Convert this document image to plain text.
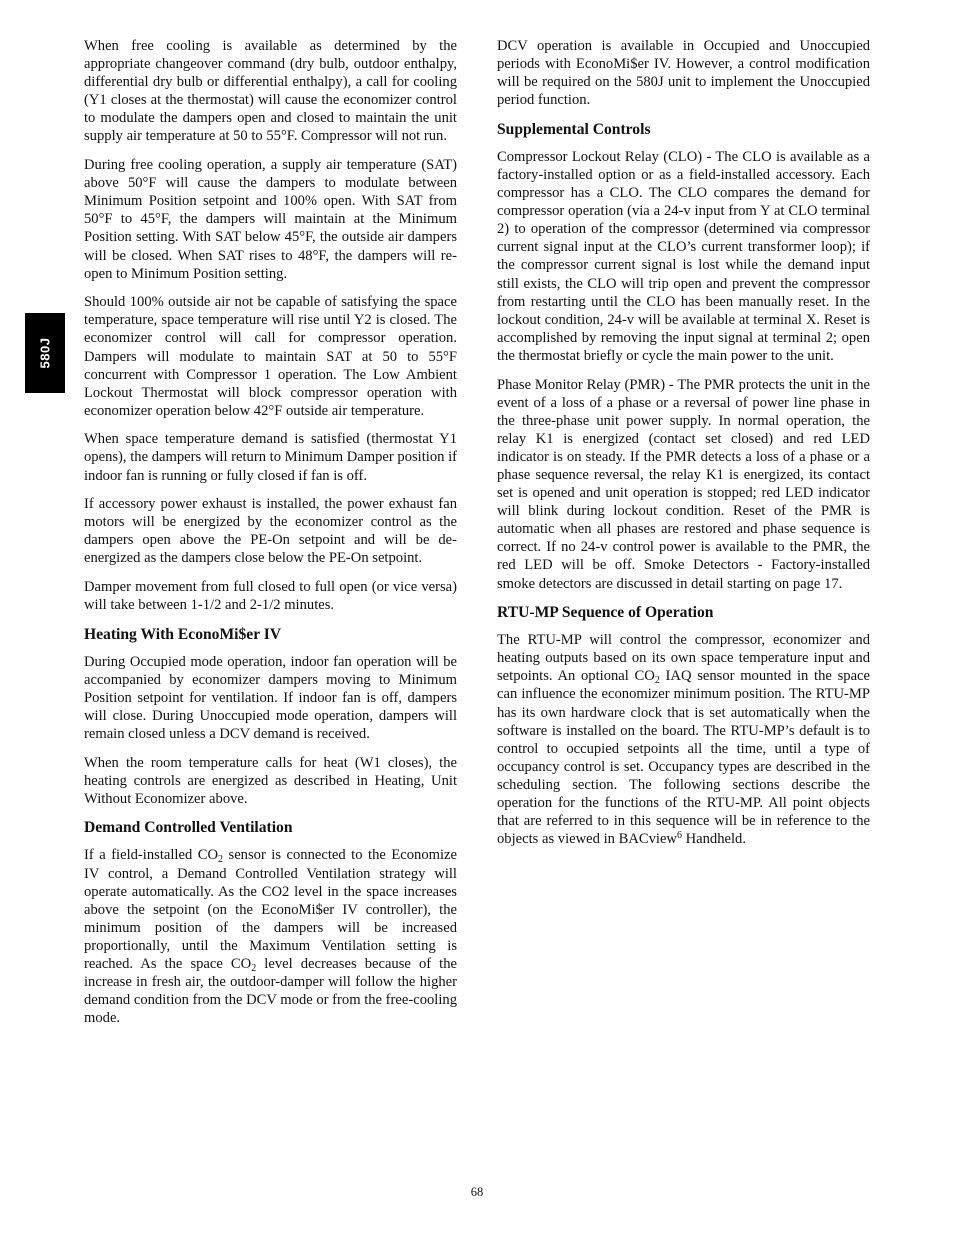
580J

When free cooling is available as determined by the appropriate changeover command (dry bulb, outdoor enthalpy, differential dry bulb or differential enthalpy), a call for cooling (Y1 closes at the thermostat) will cause the economizer control to modulate the dampers open and closed to maintain the unit supply air temperature at 50 to 55°F. Compressor will not run.

During free cooling operation, a supply air temperature (SAT) above 50°F will cause the dampers to modulate between Minimum Position setpoint and 100% open. With SAT from 50°F to 45°F, the dampers will maintain at the Minimum Position setting. With SAT below 45°F, the outside air dampers will be closed. When SAT rises to 48°F, the dampers will re-open to Minimum Position setting.

Should 100% outside air not be capable of satisfying the space temperature, space temperature will rise until Y2 is closed. The economizer control will call for compressor operation. Dampers will modulate to maintain SAT at 50 to 55°F concurrent with Compressor 1 operation. The Low Ambient Lockout Thermostat will block compressor operation with economizer operation below 42°F outside air temperature.

When space temperature demand is satisfied (thermostat Y1 opens), the dampers will return to Minimum Damper position if indoor fan is running or fully closed if fan is off.

If accessory power exhaust is installed, the power exhaust fan motors will be energized by the economizer control as the dampers open above the PE-On setpoint and will be de-energized as the dampers close below the PE-On setpoint.

Damper movement from full closed to full open (or vice versa) will take between 1-1/2 and 2-1/2 minutes.

Heating With EconoMi$er IV

During Occupied mode operation, indoor fan operation will be accompanied by economizer dampers moving to Minimum Position setpoint for ventilation. If indoor fan is off, dampers will close. During Unoccupied mode operation, dampers will remain closed unless a DCV demand is received.

When the room temperature calls for heat (W1 closes), the heating controls are energized as described in Heating, Unit Without Economizer above.

Demand Controlled Ventilation

If a field-installed $CO_2$ sensor is connected to the Economize IV control, a Demand Controlled Ventilation strategy will operate automatically. As the CO2 level in the space increases above the setpoint (on the EconoMi$er IV controller), the minimum position of the dampers will be increased proportionally, until the Maximum Ventilation setting is reached. As the space $CO_2$ level decreases because of the increase in fresh air, the outdoor-damper will follow the higher demand condition from the DCV mode or from the free-cooling mode.

DCV operation is available in Occupied and Unoccupied periods with EconoMi$er IV. However, a control modification will be required on the 580J unit to implement the Unoccupied period function.

Supplemental Controls

Compressor Lockout Relay (CLO) - The CLO is available as a factory-installed option or as a field-installed accessory. Each compressor has a CLO. The CLO compares the demand for compressor operation (via a 24-v input from Y at CLO terminal 2) to operation of the compressor (determined via compressor current signal input at the CLO’s current transformer loop); if the compressor current signal is lost while the demand input still exists, the CLO will trip open and prevent the compressor from restarting until the CLO has been manually reset. In the lockout condition, 24-v will be available at terminal X. Reset is accomplished by removing the input signal at terminal 2; open the thermostat briefly or cycle the main power to the unit.

Phase Monitor Relay (PMR) - The PMR protects the unit in the event of a loss of a phase or a reversal of power line phase in the three-phase unit power supply. In normal operation, the relay K1 is energized (contact set closed) and red LED indicator is on steady. If the PMR detects a loss of a phase or a phase sequence reversal, the relay K1 is energized, its contact set is opened and unit operation is stopped; red LED indicator will blink during lockout condition. Reset of the PMR is automatic when all phases are restored and phase sequence is correct. If no 24-v control power is available to the PMR, the red LED will be off. Smoke Detectors - Factory-installed smoke detectors are discussed in detail starting on page 17.

RTU-MP Sequence of Operation

The RTU-MP will control the compressor, economizer and heating outputs based on its own space temperature input and setpoints. An optional $CO_2$ IAQ sensor mounted in the space can influence the economizer minimum position. The RTU-MP has its own hardware clock that is set automatically when the software is installed on the board. The RTU-MP’s default is to control to occupied setpoints all the time, until a type of occupancy control is set. Occupancy types are described in the scheduling section. The following sections describe the operation for the functions of the RTU-MP. All point objects that are referred to in this sequence will be in reference to the objects as viewed in BACview$^6$ Handheld.

68
